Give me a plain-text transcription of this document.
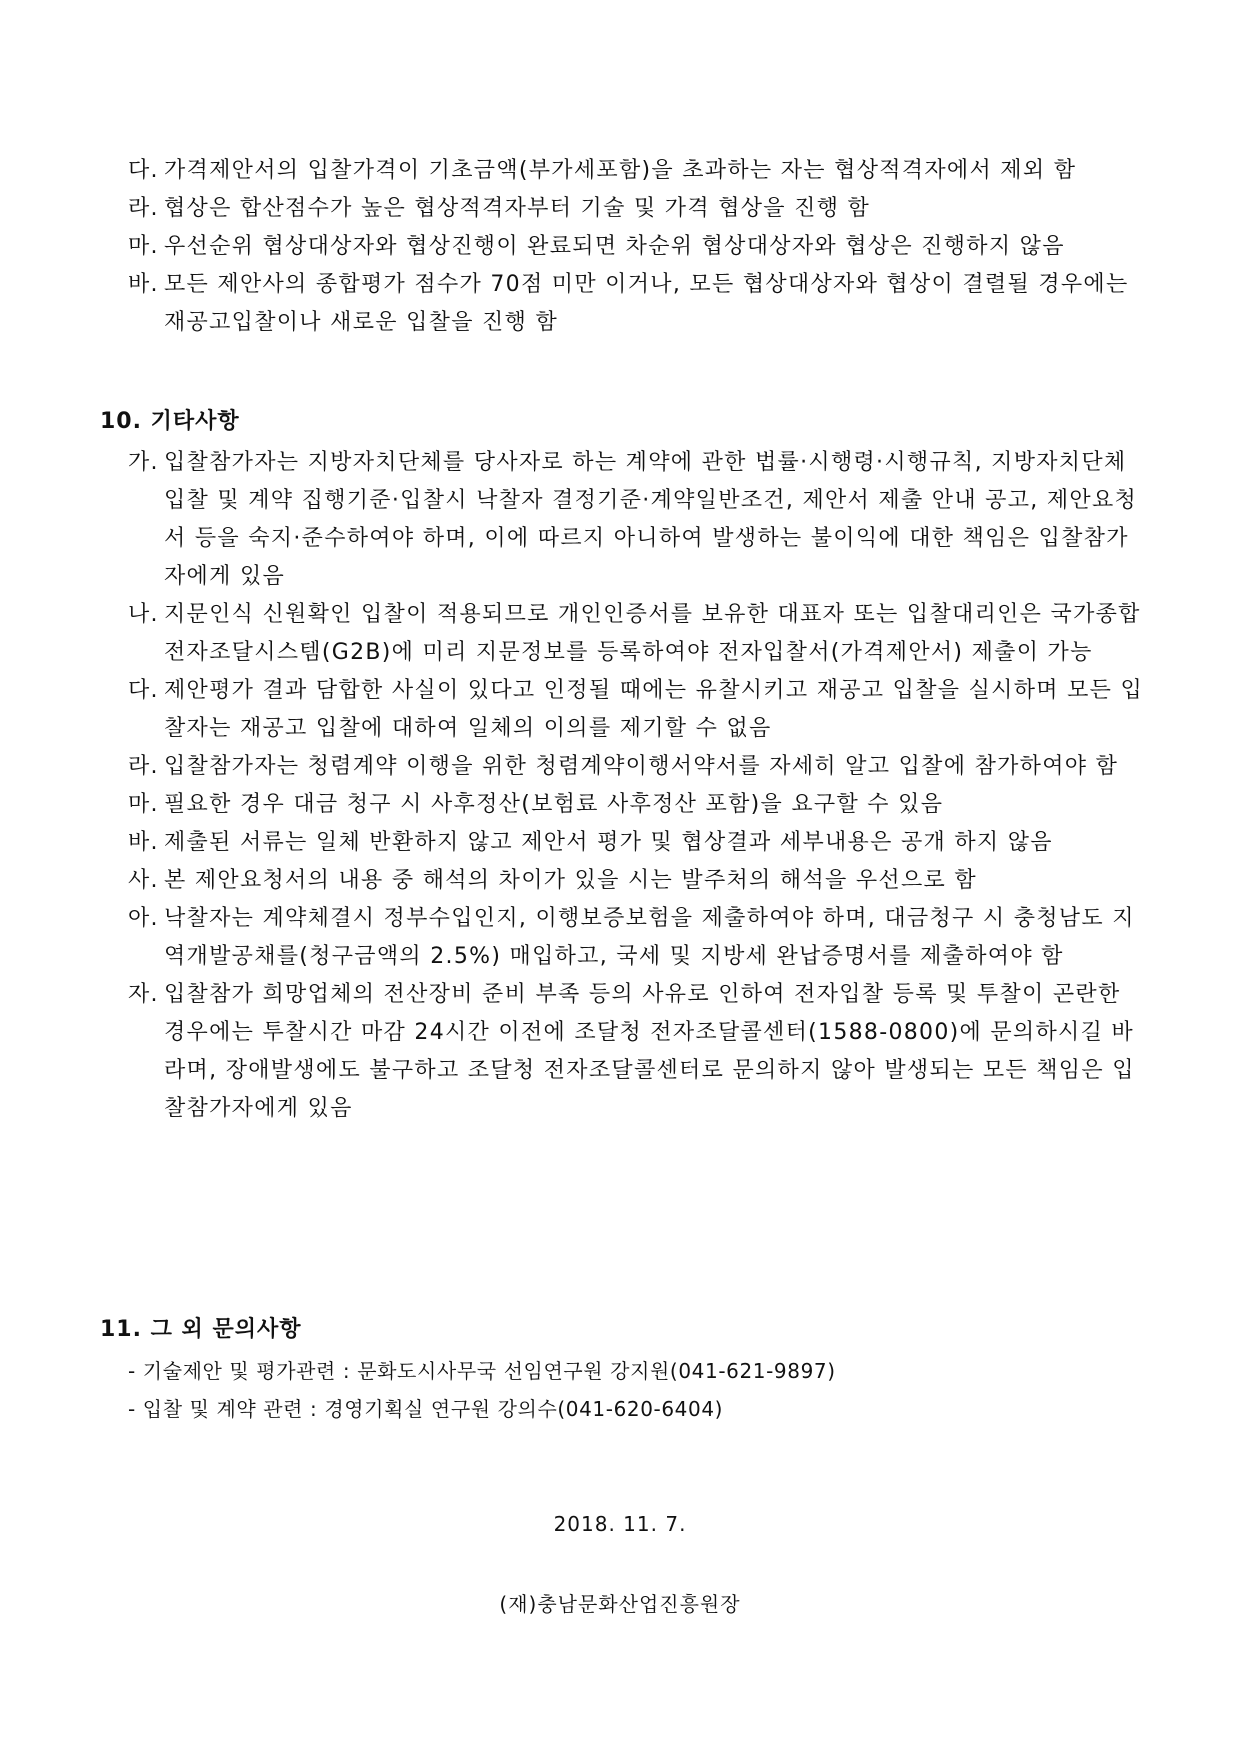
다. 가격제안서의 입찰가격이 기초금액(부가세포함)을 초과하는 자는 협상적격자에서 제외 함
라. 협상은 합산점수가 높은 협상적격자부터 기술 및 가격 협상을 진행 함
마. 우선순위 협상대상자와 협상진행이 완료되면 차순위 협상대상자와 협상은 진행하지 않음
바. 모든 제안사의 종합평가 점수가 70점 미만 이거나, 모든 협상대상자와 협상이 결렬될 경우에는 재공고입찰이나 새로운 입찰을 진행 함
10. 기타사항
가. 입찰참가자는 지방자치단체를 당사자로 하는 계약에 관한 법률·시행령·시행규칙, 지방자치단체 입찰 및 계약 집행기준·입찰시 낙찰자 결정기준·계약일반조건, 제안서 제출 안내 공고, 제안요청서 등을 숙지·준수하여야 하며, 이에 따르지 아니하여 발생하는 불이익에 대한 책임은 입찰참가자에게 있음
나. 지문인식 신원확인 입찰이 적용되므로 개인인증서를 보유한 대표자 또는 입찰대리인은 국가종합전자조달시스템(G2B)에 미리 지문정보를 등록하여야 전자입찰서(가격제안서) 제출이 가능
다. 제안평가 결과 담합한 사실이 있다고 인정될 때에는 유찰시키고 재공고 입찰을 실시하며 모든 입찰자는 재공고 입찰에 대하여 일체의 이의를 제기할 수 없음
라. 입찰참가자는 청렴계약 이행을 위한 청렴계약이행서약서를 자세히 알고 입찰에 참가하여야 함
마. 필요한 경우 대금 청구 시 사후정산(보험료 사후정산 포함)을 요구할 수 있음
바. 제출된 서류는 일체 반환하지 않고 제안서 평가 및 협상결과 세부내용은 공개 하지 않음
사. 본 제안요청서의 내용 중 해석의 차이가 있을 시는 발주처의 해석을 우선으로 함
아. 낙찰자는 계약체결시 정부수입인지, 이행보증보험을 제출하여야 하며, 대금청구 시 충청남도 지역개발공채를(청구금액의 2.5%) 매입하고, 국세 및 지방세 완납증명서를 제출하여야 함
자. 입찰참가 희망업체의 전산장비 준비 부족 등의 사유로 인하여 전자입찰 등록 및 투찰이 곤란한 경우에는 투찰시간 마감 24시간 이전에 조달청 전자조달콜센터(1588-0800)에 문의하시길 바라며, 장애발생에도 불구하고 조달청 전자조달콜센터로 문의하지 않아 발생되는 모든 책임은 입찰참가자에게 있음
11. 그 외 문의사항
- 기술제안 및 평가관련 : 문화도시사무국 선임연구원 강지원(041-621-9897)
- 입찰 및 계약 관련 : 경영기획실 연구원 강의수(041-620-6404)
2018. 11. 7.
(재)충남문화산업진흥원장
